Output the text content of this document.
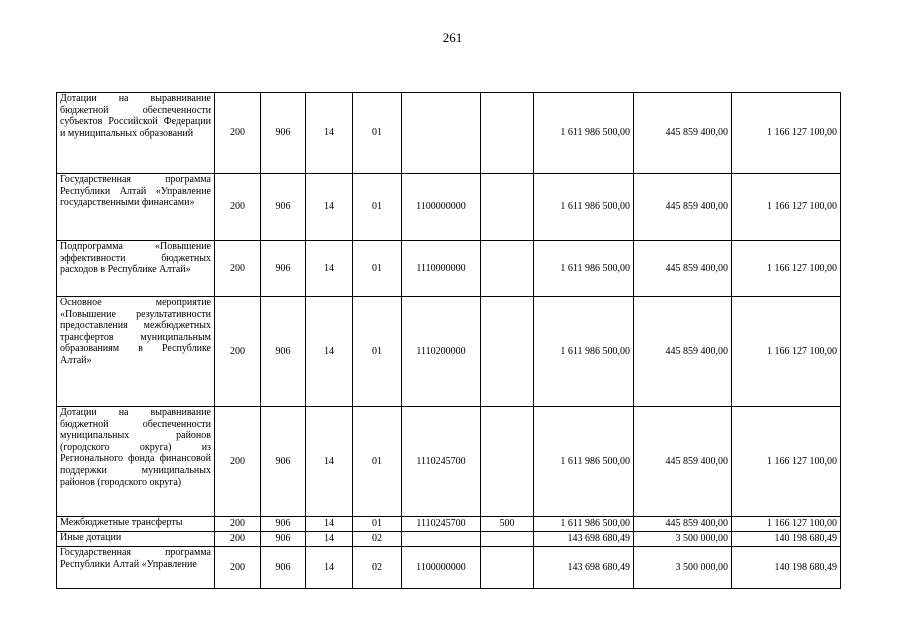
261
Дотации на выравнивание бюджетной обеспеченности субъектов Российской Федерации и муниципальных образований	200	906	14	01			1 611 986 500,00	445 859 400,00	1 166 127 100,00
Государственная программа Республики Алтай «Управление государственными финансами»	200	906	14	01	1100000000		1 611 986 500,00	445 859 400,00	1 166 127 100,00
Подпрограмма «Повышение эффективности бюджетных расходов в Республике Алтай»	200	906	14	01	1110000000		1 611 986 500,00	445 859 400,00	1 166 127 100,00
Основное мероприятие «Повышение результативности предоставления межбюджетных трансфертов муниципальным образованиям в Республике Алтай»	200	906	14	01	1110200000		1 611 986 500,00	445 859 400,00	1 166 127 100,00
Дотации на выравнивание бюджетной обеспеченности муниципальных районов (городского округа) из Регионального фонда финансовой поддержки муниципальных районов (городского округа)	200	906	14	01	1110245700		1 611 986 500,00	445 859 400,00	1 166 127 100,00
Межбюджетные трансферты	200	906	14	01	1110245700	500	1 611 986 500,00	445 859 400,00	1 166 127 100,00
Иные дотации	200	906	14	02			143 698 680,49	3 500 000,00	140 198 680,49
Государственная программа Республики Алтай «Управление	200	906	14	02	1100000000		143 698 680,49	3 500 000,00	140 198 680,49
